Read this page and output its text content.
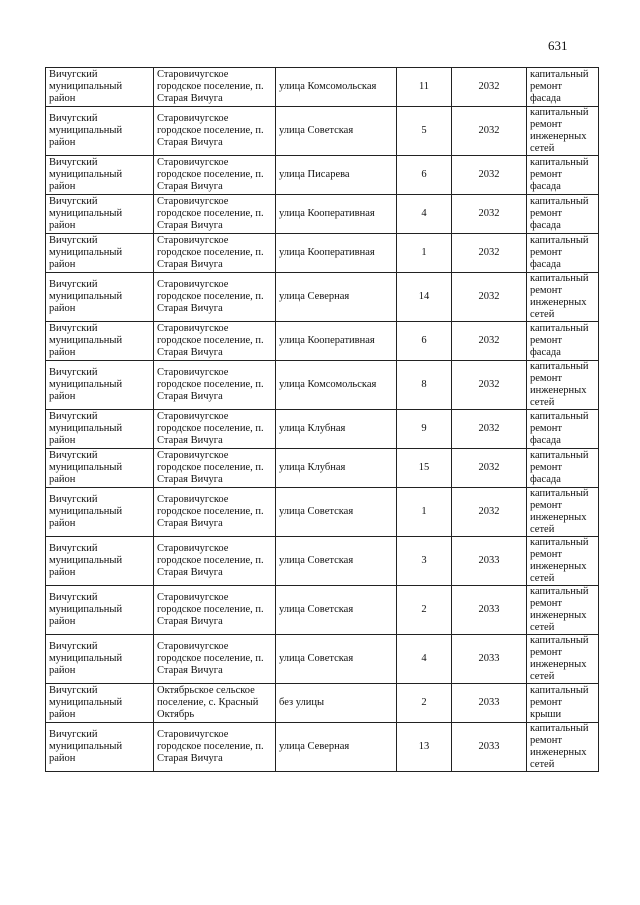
631
Вичугский муниципальный район	Старовичугское городское поселение, п. Старая Вичуга	улица Комсомольская	11	2032	капитальный ремонт фасада
Вичугский муниципальный район	Старовичугское городское поселение, п. Старая Вичуга	улица Советская	5	2032	капитальный ремонт инженерных сетей
Вичугский муниципальный район	Старовичугское городское поселение, п. Старая Вичуга	улица Писарева	6	2032	капитальный ремонт фасада
Вичугский муниципальный район	Старовичугское городское поселение, п. Старая Вичуга	улица Кооперативная	4	2032	капитальный ремонт фасада
Вичугский муниципальный район	Старовичугское городское поселение, п. Старая Вичуга	улица Кооперативная	1	2032	капитальный ремонт фасада
Вичугский муниципальный район	Старовичугское городское поселение, п. Старая Вичуга	улица Северная	14	2032	капитальный ремонт инженерных сетей
Вичугский муниципальный район	Старовичугское городское поселение, п. Старая Вичуга	улица Кооперативная	6	2032	капитальный ремонт фасада
Вичугский муниципальный район	Старовичугское городское поселение, п. Старая Вичуга	улица Комсомольская	8	2032	капитальный ремонт инженерных сетей
Вичугский муниципальный район	Старовичугское городское поселение, п. Старая Вичуга	улица Клубная	9	2032	капитальный ремонт фасада
Вичугский муниципальный район	Старовичугское городское поселение, п. Старая Вичуга	улица Клубная	15	2032	капитальный ремонт фасада
Вичугский муниципальный район	Старовичугское городское поселение, п. Старая Вичуга	улица Советская	1	2032	капитальный ремонт инженерных сетей
Вичугский муниципальный район	Старовичугское городское поселение, п. Старая Вичуга	улица Советская	3	2033	капитальный ремонт инженерных сетей
Вичугский муниципальный район	Старовичугское городское поселение, п. Старая Вичуга	улица Советская	2	2033	капитальный ремонт инженерных сетей
Вичугский муниципальный район	Старовичугское городское поселение, п. Старая Вичуга	улица Советская	4	2033	капитальный ремонт инженерных сетей
Вичугский муниципальный район	Октябрьское сельское поселение, с. Красный Октябрь	без улицы	2	2033	капитальный ремонт крыши
Вичугский муниципальный район	Старовичугское городское поселение, п. Старая Вичуга	улица Северная	13	2033	капитальный ремонт инженерных сетей
